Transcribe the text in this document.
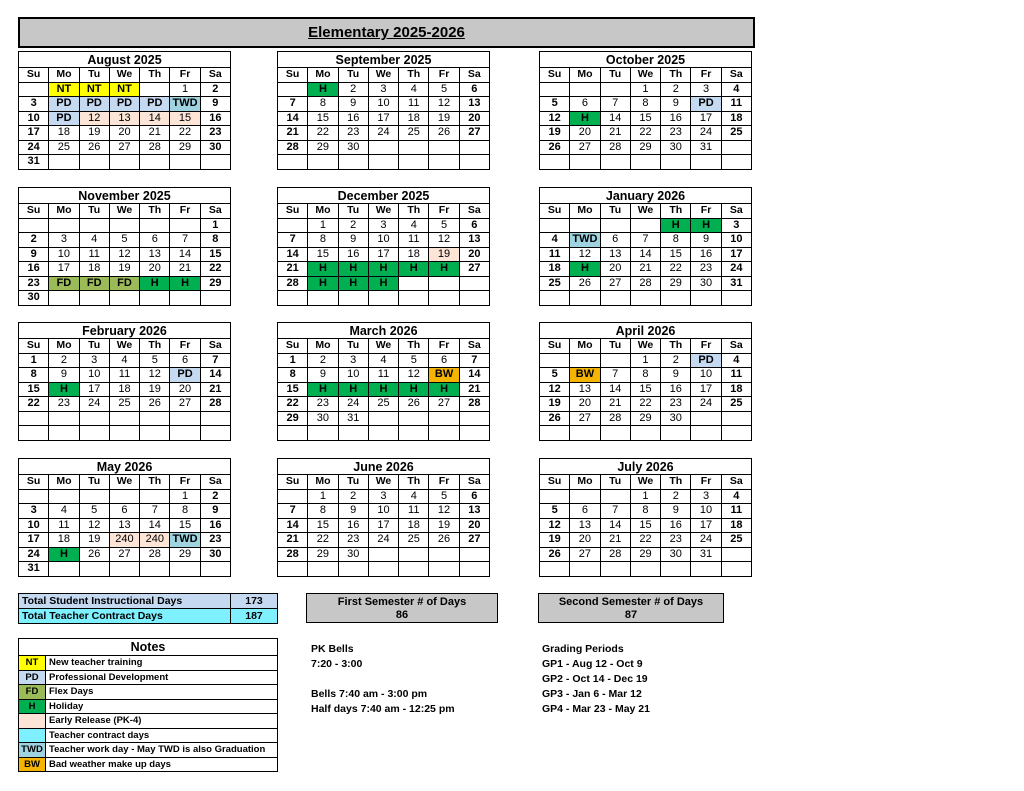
Elementary 2025-2026
August 2025
Su	Mo	Tu	We	Th	Fr	Sa
	NT	NT	NT		1	2
3	PD	PD	PD	PD	TWD	9
10	PD	12	13	14	15	16
17	18	19	20	21	22	23
24	25	26	27	28	29	30
31						
September 2025
Su	Mo	Tu	We	Th	Fr	Sa
	H	2	3	4	5	6
7	8	9	10	11	12	13
14	15	16	17	18	19	20
21	22	23	24	25	26	27
28	29	30				

October 2025
Su	Mo	Tu	We	Th	Fr	Sa
			1	2	3	4
5	6	7	8	9	PD	11
12	H	14	15	16	17	18
19	20	21	22	23	24	25
26	27	28	29	30	31	

November 2025
Su	Mo	Tu	We	Th	Fr	Sa
						1
2	3	4	5	6	7	8
9	10	11	12	13	14	15
16	17	18	19	20	21	22
23	FD	FD	FD	H	H	29
30						
December 2025
Su	Mo	Tu	We	Th	Fr	Sa
	1	2	3	4	5	6
7	8	9	10	11	12	13
14	15	16	17	18	19	20
21	H	H	H	H	H	27
28	H	H	H			

January 2026
Su	Mo	Tu	We	Th	Fr	Sa
				H	H	3
4	TWD	6	7	8	9	10
11	12	13	14	15	16	17
18	H	20	21	22	23	24
25	26	27	28	29	30	31

February 2026
Su	Mo	Tu	We	Th	Fr	Sa
1	2	3	4	5	6	7
8	9	10	11	12	PD	14
15	H	17	18	19	20	21
22	23	24	25	26	27	28

March 2026
Su	Mo	Tu	We	Th	Fr	Sa
1	2	3	4	5	6	7
8	9	10	11	12	BW	14
15	H	H	H	H	H	21
22	23	24	25	26	27	28
29	30	31				

April 2026
Su	Mo	Tu	We	Th	Fr	Sa
			1	2	PD	4
5	BW	7	8	9	10	11
12	13	14	15	16	17	18
19	20	21	22	23	24	25
26	27	28	29	30		

May 2026
Su	Mo	Tu	We	Th	Fr	Sa
					1	2
3	4	5	6	7	8	9
10	11	12	13	14	15	16
17	18	19	240	240	TWD	23
24	H	26	27	28	29	30
31						
June 2026
Su	Mo	Tu	We	Th	Fr	Sa
	1	2	3	4	5	6
7	8	9	10	11	12	13
14	15	16	17	18	19	20
21	22	23	24	25	26	27
28	29	30				

July 2026
Su	Mo	Tu	We	Th	Fr	Sa
			1	2	3	4
5	6	7	8	9	10	11
12	13	14	15	16	17	18
19	20	21	22	23	24	25
26	27	28	29	30	31	

Total Student Instructional Days	173
Total Teacher Contract Days	187
First Semester # of Days
86
Second Semester # of Days
87
Notes	
NT	New teacher training
PD	Professional Development
FD	Flex Days
H	Holiday
	Early Release (PK-4)
	Teacher contract days
TWD	Teacher work day - May TWD is also Graduation
BW	Bad weather make up days
PK Bells
7:20 - 3:00
Bells 7:40 am - 3:00 pm
Half days 7:40 am - 12:25 pm
Grading Periods
GP1 - Aug 12 - Oct 9
GP2 - Oct 14 - Dec 19
GP3 - Jan 6 - Mar 12
GP4 - Mar 23 - May 21
